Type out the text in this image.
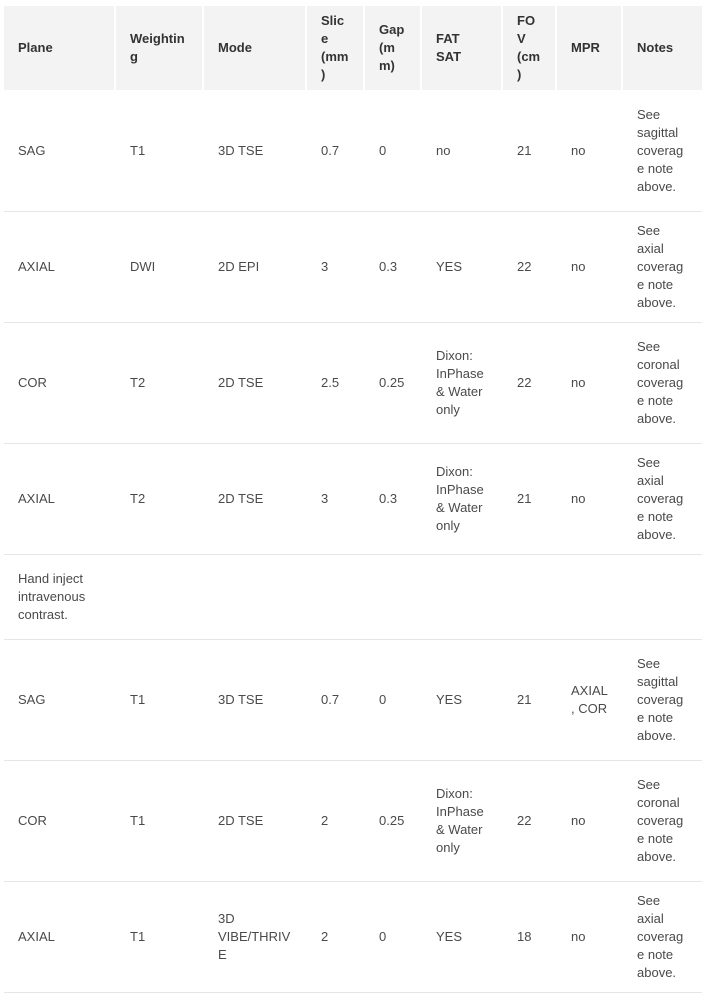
Plane	Weighting	Mode	Slice (mm)	Gap (mm)	FAT SAT	FOV (cm)	MPR	Notes
SAG	T1	3D TSE	0.7	0	no	21	no	See sagittal coverage note above.
AXIAL	DWI	2D EPI	3	0.3	YES	22	no	See axial coverage note above.
COR	T2	2D TSE	2.5	0.25	Dixon: InPhase & Water only	22	no	See coronal coverage note above.
AXIAL	T2	2D TSE	3	0.3	Dixon: InPhase & Water only	21	no	See axial coverage note above.
Hand inject intravenous contrast.								
SAG	T1	3D TSE	0.7	0	YES	21	AXIAL, COR	See sagittal coverage note above.
COR	T1	2D TSE	2	0.25	Dixon: InPhase & Water only	22	no	See coronal coverage note above.
AXIAL	T1	3D VIBE/THRIVE	2	0	YES	18	no	See axial coverage note above.
